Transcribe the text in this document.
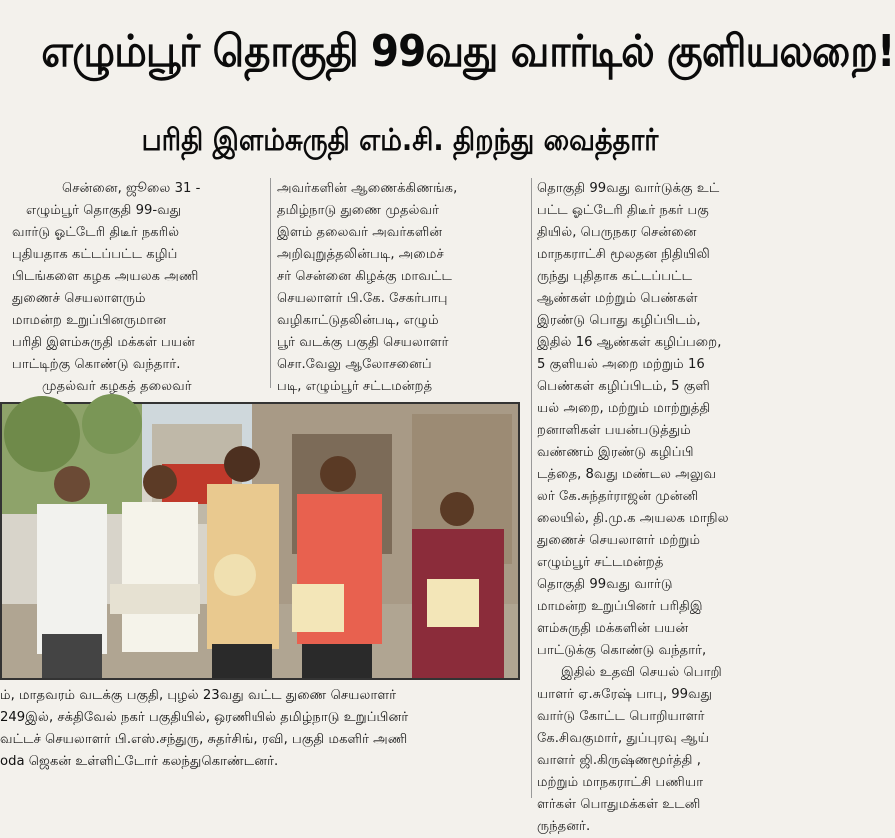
எழும்பூர் தொகுதி 99வது வார்டில் குளியலறை!
பரிதி இளம்சுருதி எம்.சி. திறந்து வைத்தார்

சென்னை, ஜூலை 31 -

எழும்பூர் தொகுதி 99-வது

வார்டு ஓட்டேரி திடீர் நகரில்

புதியதாக கட்டப்பட்ட கழிப்

பிடங்களை கழக அயலக அணி

துணைச் செயலாளரும்

மாமன்ற உறுப்பினருமான

பரிதி இளம்சுருதி மக்கள் பயன்

பாட்டிற்கு கொண்டு வந்தார்.

முதல்வர் கழகத் தலைவர்

அவர்களின் ஆணைக்கிணங்க,

தமிழ்நாடு துணை முதல்வர்

இளம் தலைவர் அவர்களின்

அறிவுறுத்தலின்படி, அமைச்

சர் சென்னை கிழக்கு மாவட்ட

செயலாளர் பி.கே. சேகர்பாபு

வழிகாட்டுதலின்படி, எழும்

பூர் வடக்கு பகுதி செயலாளர்

சொ.வேலு ஆலோசனைப்

படி, எழும்பூர் சட்டமன்றத்

தொகுதி 99வது வார்டுக்கு உட்

பட்ட ஓட்டேரி திடீர் நகர் பகு

தியில், பெருநகர சென்னை

மாநகராட்சி மூலதன நிதியிலி

ருந்து புதிதாக கட்டப்பட்ட

ஆண்கள் மற்றும் பெண்கள்

இரண்டு பொது கழிப்பிடம்,

இதில் 16 ஆண்கள் கழிப்பறை,

5 குளியல் அறை மற்றும் 16

பெண்கள் கழிப்பிடம், 5 குளி

யல் அறை, மற்றும் மாற்றுத்தி

றனாளிகள் பயன்படுத்தும்

வண்ணம் இரண்டு கழிப்பி

டத்தை, 8வது மண்டல அலுவ

லர் கே.சுந்தர்ராஜன் முன்னி

லையில், தி.மு.க அயலக மாநில

துணைச் செயலாளர் மற்றும்

எழும்பூர் சட்டமன்றத்

தொகுதி 99வது வார்டு

மாமன்ற உறுப்பினர் பரிதிஇ

ளம்சுருதி மக்களின் பயன்

பாட்டுக்கு கொண்டு வந்தார்,

இதில் உதவி செயல் பொறி

யாளர் ஏ.சுரேஷ் பாபு, 99வது

வார்டு கோட்ட பொறியாளர்

கே.சிவகுமார், துப்புரவு ஆய்

வாளர் ஜி.கிருஷ்ணமூர்த்தி ,

மற்றும் மாநகராட்சி பணியா

ளர்கள் பொதுமக்கள் உடனி

ருந்தனர்.

ம், மாதவரம் வடக்கு பகுதி, புழல் 23வது வட்ட துணை செயலாளர்

249இல், சக்திவேல் நகர் பகுதியில், ஒரணியில் தமிழ்நாடு உறுப்பினர்

வட்டச் செயலாளர் பி.எஸ்.சந்துரு, சுதர்சிங், ரவி, பகுதி மகளிர் அணி

oda ஜெகன் உள்ளிட்டோர் கலந்துகொண்டனர்.
